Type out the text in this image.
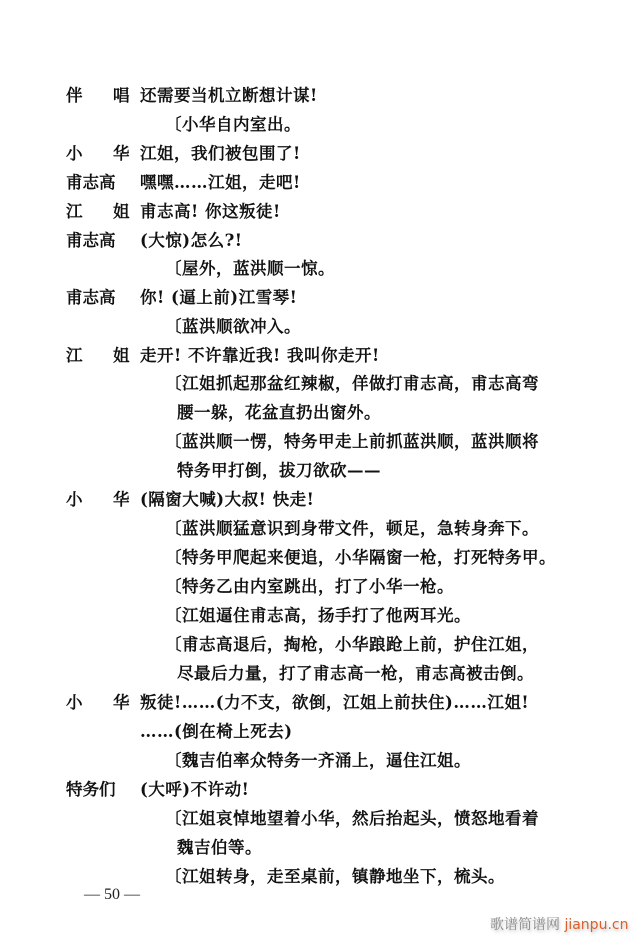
伴 唱 还需要当机立断想计谋!
〔小华自内室出。
小 华 江姐，我们被包围了!
甫志高 嘿嘿……江姐，走吧!
江 姐 甫志高! 你这叛徒!
甫志高 (大惊)怎么?!
〔屋外，蓝洪顺一惊。
甫志高 你! (逼上前)江雪琴!
〔蓝洪顺欲冲入。
江 姐 走开! 不许靠近我! 我叫你走开!
〔江姐抓起那盆红辣椒，佯做打甫志高，甫志高弯
腰一躲，花盆直扔出窗外。
〔蓝洪顺一愣，特务甲走上前抓蓝洪顺，蓝洪顺将
特务甲打倒，拔刀欲砍——
小 华 (隔窗大喊)大叔! 快走!
〔蓝洪顺猛意识到身带文件，顿足，急转身奔下。
〔特务甲爬起来便追，小华隔窗一枪，打死特务甲。
〔特务乙由内室跳出，打了小华一枪。
〔江姐逼住甫志高，扬手打了他两耳光。
〔甫志高退后，掏枪，小华踉跄上前，护住江姐，
尽最后力量，打了甫志高一枪，甫志高被击倒。
小 华 叛徒!……(力不支，欲倒，江姐上前扶住)……江姐!
……(倒在椅上死去)
〔魏吉伯率众特务一齐涌上，逼住江姐。
特务们 (大呼)不许动!
〔江姐哀悼地望着小华，然后抬起头，愤怒地看着
魏吉伯等。
〔江姐转身，走至桌前，镇静地坐下，梳头。
— 50 —
歌谱简谱网 jianpu.cn
